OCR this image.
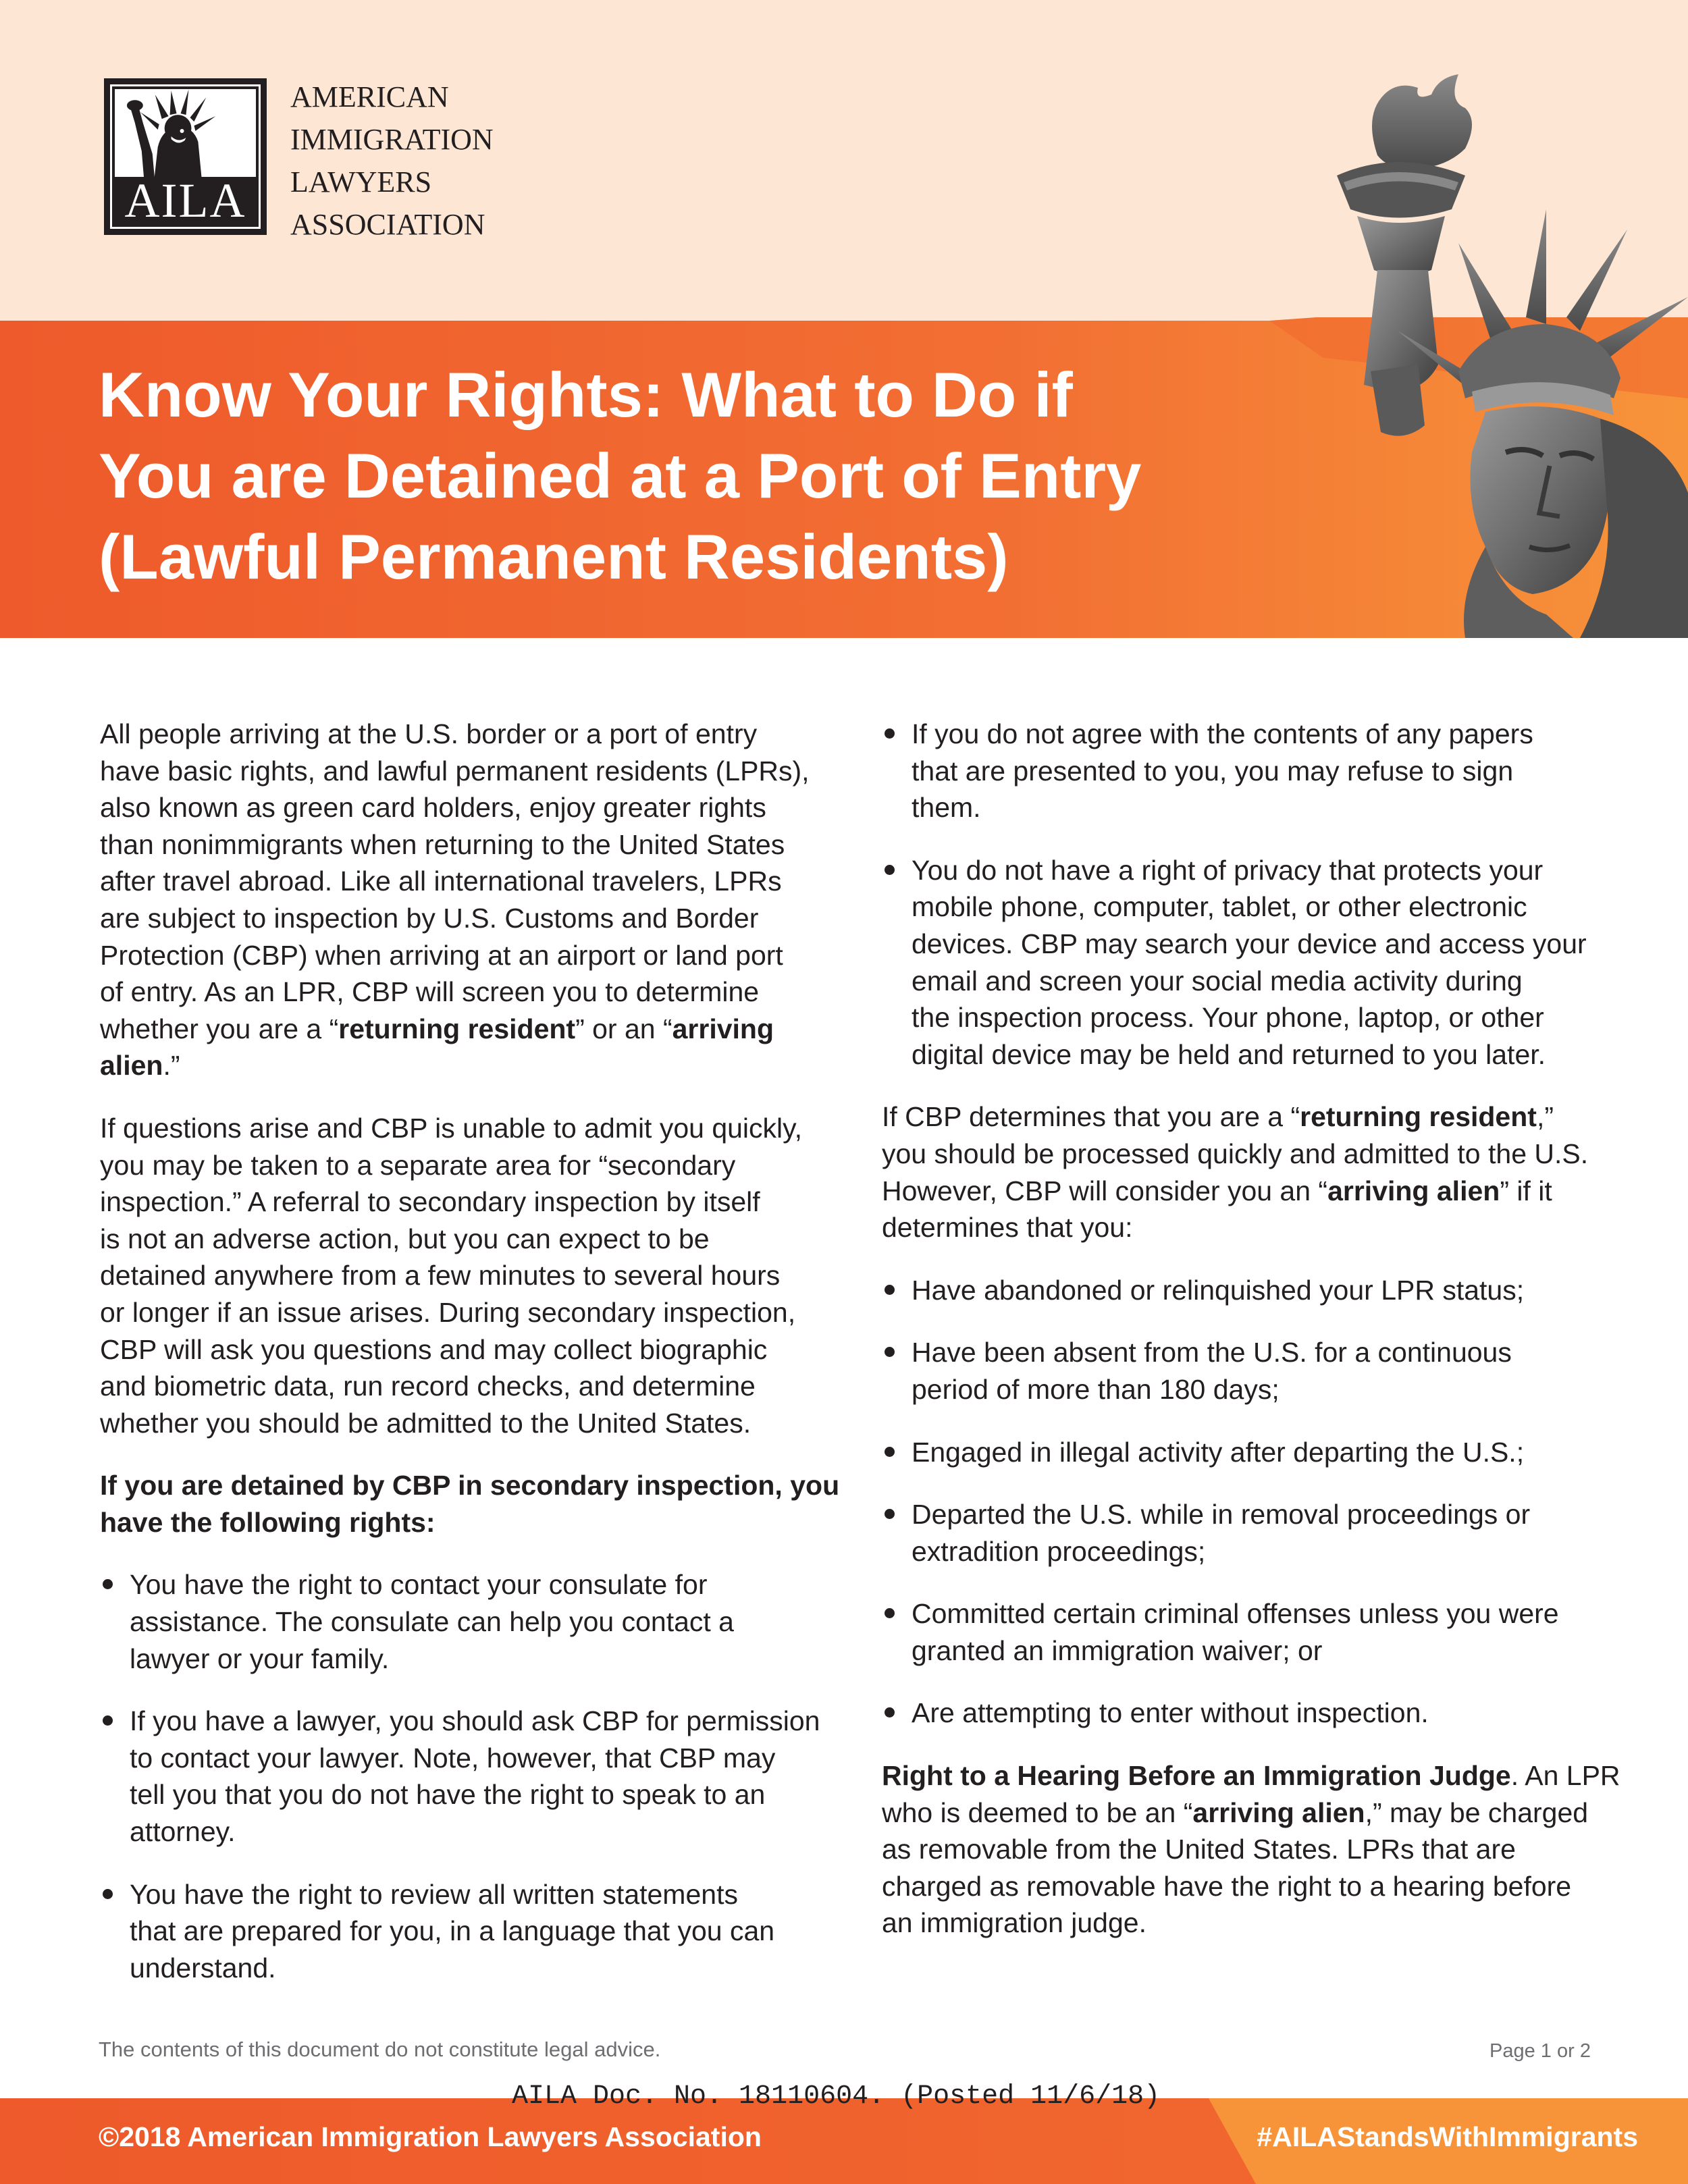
AILA
AMERICAN
IMMIGRATION
LAWYERS
ASSOCIATION
Know Your Rights: What to Do if
You are Detained at a Port of Entry
(Lawful Permanent Residents)
All people arriving at the U.S. border or a port of entry
have basic rights, and lawful permanent residents (LPRs),
also known as green card holders, enjoy greater rights
than nonimmigrants when returning to the United States
after travel abroad. Like all international travelers, LPRs
are subject to inspection by U.S. Customs and Border
Protection (CBP) when arriving at an airport or land port
of entry. As an LPR, CBP will screen you to determine
whether you are a “returning resident” or an “arriving
alien.”
If questions arise and CBP is unable to admit you quickly,
you may be taken to a separate area for “secondary
inspection.” A referral to secondary inspection by itself
is not an adverse action, but you can expect to be
detained anywhere from a few minutes to several hours
or longer if an issue arises. During secondary inspection,
CBP will ask you questions and may collect biographic
and biometric data, run record checks, and determine
whether you should be admitted to the United States.
If you are detained by CBP in secondary inspection, you
have the following rights:
You have the right to contact your consulate for
assistance. The consulate can help you contact a
lawyer or your family.
If you have a lawyer, you should ask CBP for permission
to contact your lawyer. Note, however, that CBP may
tell you that you do not have the right to speak to an
attorney.
You have the right to review all written statements
that are prepared for you, in a language that you can
understand.
If you do not agree with the contents of any papers
that are presented to you, you may refuse to sign
them.
You do not have a right of privacy that protects your
mobile phone, computer, tablet, or other electronic
devices. CBP may search your device and access your
email and screen your social media activity during
the inspection process. Your phone, laptop, or other
digital device may be held and returned to you later.
If CBP determines that you are a “returning resident,”
you should be processed quickly and admitted to the U.S.
However, CBP will consider you an “arriving alien” if it
determines that you:
Have abandoned or relinquished your LPR status;
Have been absent from the U.S. for a continuous
period of more than 180 days;
Engaged in illegal activity after departing the U.S.;
Departed the U.S. while in removal proceedings or
extradition proceedings;
Committed certain criminal offenses unless you were
granted an immigration waiver; or
Are attempting to enter without inspection.
Right to a Hearing Before an Immigration Judge. An LPR
who is deemed to be an “arriving alien,” may be charged
as removable from the United States. LPRs that are
charged as removable have the right to a hearing before
an immigration judge.
The contents of this document do not constitute legal advice.	Page 1 or 2
AILA Doc. No. 18110604. (Posted 11/6/18)
©2018 American Immigration Lawyers Association	#AILAStandsWithImmigrants
